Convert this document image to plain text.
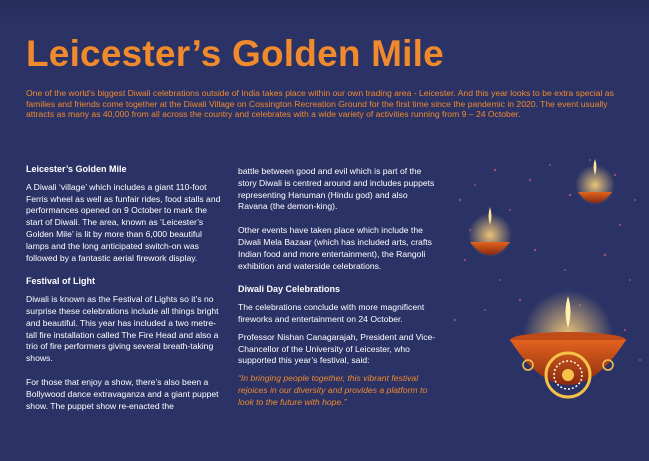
Leicester’s Golden Mile
One of the world’s biggest Diwali celebrations outside of India takes place within our own trading area - Leicester. And this year looks to be extra special as families and friends come together at the Diwali Village on Cossington Recreation Ground for the first time since the pandemic in 2020. The event usually attracts as many as 40,000 from all across the country and celebrates with a wide variety of activities running from 9 – 24 October.
Leicester’s Golden Mile
A Diwali ‘village’ which includes a giant 110-foot Ferris wheel as well as funfair rides, food stalls and performances opened on 9 October to mark the start of Diwali. The area, known as ‘Leicester’s Golden Mile’ is lit by more than 6,000 beautiful lamps and the long anticipated switch-on was followed by a fantastic aerial firework display.
Festival of Light
Diwali is known as the Festival of Lights so it’s no surprise these celebrations include all things bright and beautiful. This year has included a two metre-tall fire installation called The Fire Head and also a trio of fire performers giving several breath-taking shows.
For those that enjoy a show, there’s also been a Bollywood dance extravaganza and a giant puppet show. The puppet show re-enacted the
battle between good and evil which is part of the story Diwali is centred around and includes puppets representing Hanuman (Hindu god) and also Ravana (the demon-king).
Other events have taken place which include the Diwali Mela Bazaar (which has included arts, crafts Indian food and more entertainment), the Rangoli exhibition and waterside celebrations.
Diwali Day Celebrations
The celebrations conclude with more magnificent fireworks and entertainment on 24 October.
Professor Nishan Canagarajah, President and Vice-Chancellor of the University of Leicester, who supported this year’s festival, said:
“In bringing people together, this vibrant festival rejoices in our diversity and provides a platform to look to the future with hope.”
